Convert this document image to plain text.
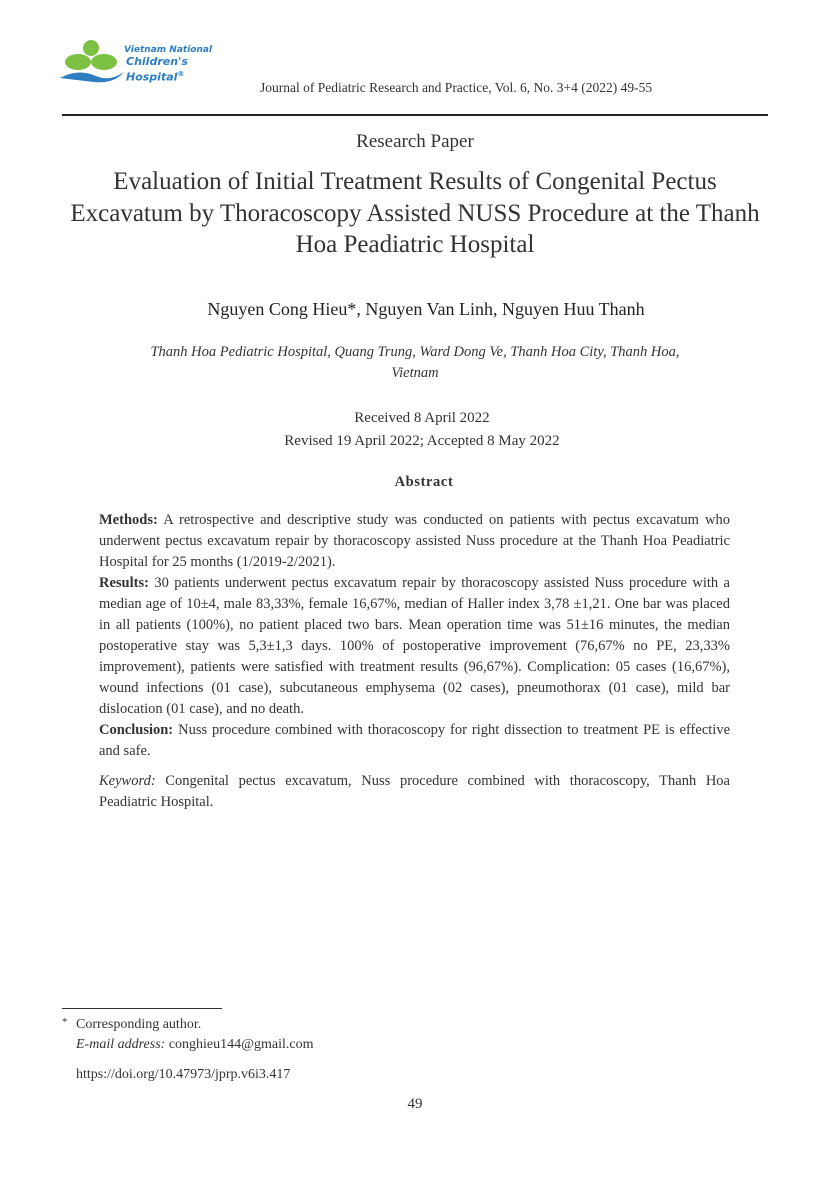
Vietnam National
Children's Hospital®
Journal of Pediatric Research and Practice, Vol. 6, No. 3+4 (2022) 49-55
Research Paper
Evaluation of Initial Treatment Results of Congenital Pectus Excavatum by Thoracoscopy Assisted NUSS Procedure at the Thanh Hoa Peadiatric Hospital
Nguyen Cong Hieu*, Nguyen Van Linh, Nguyen Huu Thanh
Thanh Hoa Pediatric Hospital, Quang Trung, Ward Dong Ve, Thanh Hoa City, Thanh Hoa, Vietnam
Received 8 April 2022
Revised 19 April 2022; Accepted 8 May 2022
Abstract

Methods: A retrospective and descriptive study was conducted on patients with pectus excavatum who underwent pectus excavatum repair by thoracoscopy assisted Nuss procedure at the Thanh Hoa Peadiatric Hospital for 25 months (1/2019-2/2021).

Results: 30 patients underwent pectus excavatum repair by thoracoscopy assisted Nuss procedure with a median age of 10±4, male 83,33%, female 16,67%, median of Haller index 3,78 ±1,21. One bar was placed in all patients (100%), no patient placed two bars. Mean operation time was 51±16 minutes, the median postoperative stay was 5,3±1,3 days. 100% of postoperative improvement (76,67% no PE, 23,33% improvement), patients were satisfied with treatment results (96,67%). Complication: 05 cases (16,67%), wound infections (01 case), subcutaneous emphysema (02 cases), pneumothorax (01 case), mild bar dislocation (01 case), and no death.

Conclusion: Nuss procedure combined with thoracoscopy for right dissection to treatment PE is effective and safe.

Keyword: Congenital pectus excavatum, Nuss procedure combined with thoracoscopy, Thanh Hoa Peadiatric Hospital.

* Corresponding author.
E-mail address: conghieu144@gmail.com
https://doi.org/10.47973/jprp.v6i3.417
49
